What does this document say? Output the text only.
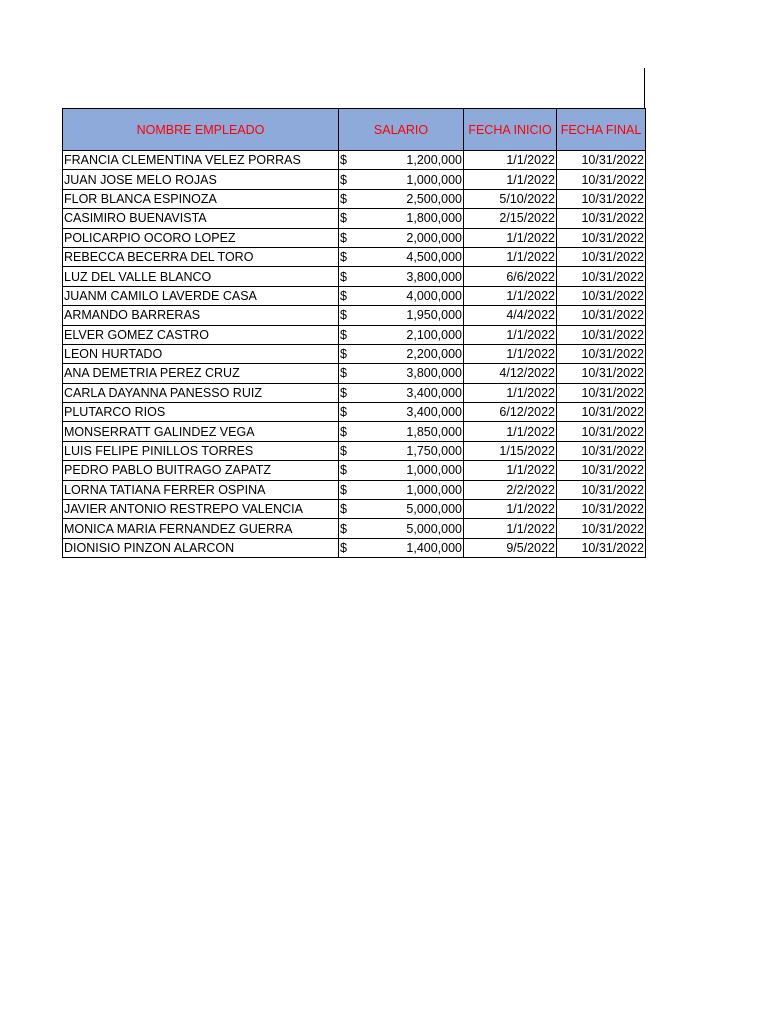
NOMBRE EMPLEADO	SALARIO	FECHA INICIO	FECHA FINAL
FRANCIA CLEMENTINA VELEZ PORRAS	$ 1,200,000	1/1/2022	10/31/2022
JUAN JOSE MELO ROJAS	$ 1,000,000	1/1/2022	10/31/2022
FLOR BLANCA ESPINOZA	$ 2,500,000	5/10/2022	10/31/2022
CASIMIRO BUENAVISTA	$ 1,800,000	2/15/2022	10/31/2022
POLICARPIO OCORO LOPEZ	$ 2,000,000	1/1/2022	10/31/2022
REBECCA BECERRA DEL TORO	$ 4,500,000	1/1/2022	10/31/2022
LUZ DEL VALLE BLANCO	$ 3,800,000	6/6/2022	10/31/2022
JUANM CAMILO LAVERDE CASA	$ 4,000,000	1/1/2022	10/31/2022
ARMANDO BARRERAS	$ 1,950,000	4/4/2022	10/31/2022
ELVER GOMEZ CASTRO	$ 2,100,000	1/1/2022	10/31/2022
LEON HURTADO	$ 2,200,000	1/1/2022	10/31/2022
ANA DEMETRIA PEREZ CRUZ	$ 3,800,000	4/12/2022	10/31/2022
CARLA DAYANNA PANESSO RUIZ	$ 3,400,000	1/1/2022	10/31/2022
PLUTARCO RIOS	$ 3,400,000	6/12/2022	10/31/2022
MONSERRATT GALINDEZ VEGA	$ 1,850,000	1/1/2022	10/31/2022
LUIS FELIPE PINILLOS TORRES	$ 1,750,000	1/15/2022	10/31/2022
PEDRO PABLO BUITRAGO ZAPATZ	$ 1,000,000	1/1/2022	10/31/2022
LORNA TATIANA FERRER OSPINA	$ 1,000,000	2/2/2022	10/31/2022
JAVIER ANTONIO RESTREPO VALENCIA	$ 5,000,000	1/1/2022	10/31/2022
MONICA MARIA FERNANDEZ GUERRA	$ 5,000,000	1/1/2022	10/31/2022
DIONISIO PINZON ALARCON	$ 1,400,000	9/5/2022	10/31/2022
